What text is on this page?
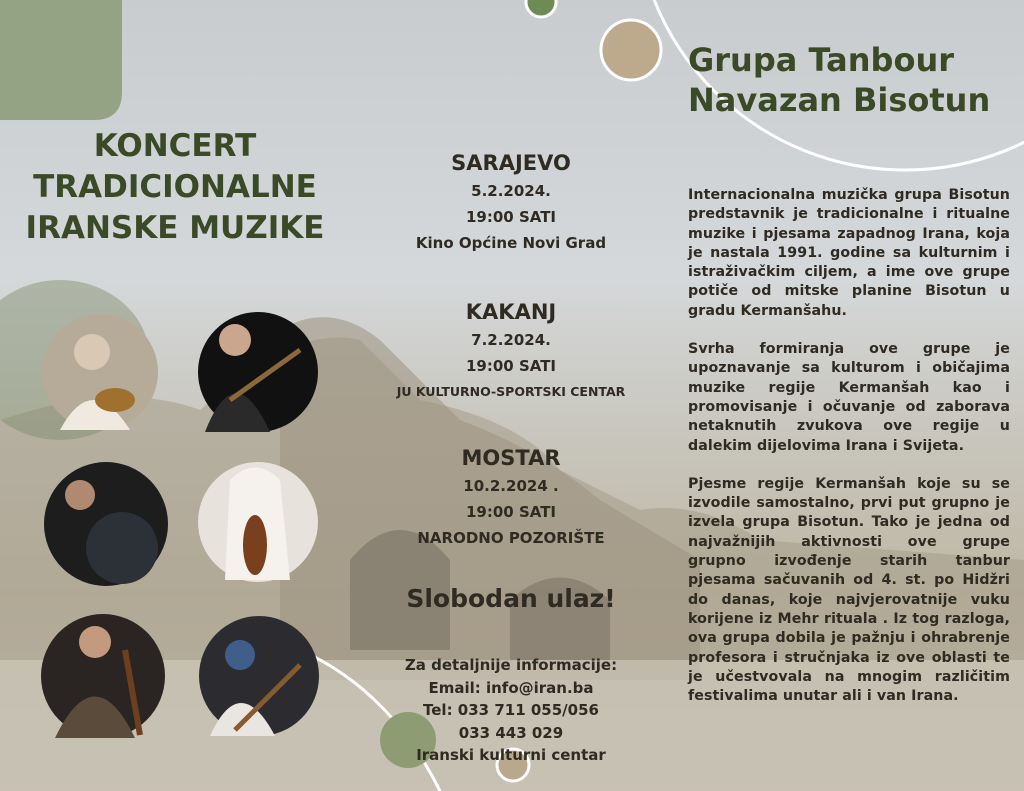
KONCERT
TRADICIONALNE
IRANSKE MUZIKE
Grupa Tanbour
Navazan Bisotun
SARAJEVO
5.2.2024.
19:00 SATI
Kino Općine Novi Grad
KAKANJ
7.2.2024.
19:00 SATI
JU KULTURNO-SPORTSKI CENTAR
MOSTAR
10.2.2024 .
19:00 SATI
NARODNO POZORIŠTE
Slobodan ulaz!
Za detaljnije informacije:
Email: info@iran.ba
Tel: 033 711 055/056
033 443 029
Iranski kulturni centar

Internacionalna muzička grupa Bisotun predstavnik je tradicionalne i ritualne muzike i pjesama zapadnog Irana, koja je nastala 1991. godine sa kulturnim i istraživačkim ciljem, a ime ove grupe potiče od mitske planine Bisotun u gradu Kermanšahu.

Svrha formiranja ove grupe je upoznavanje sa kulturom i običajima muzike regije Kermanšah kao i promovisanje i očuvanje od zaborava netaknutih zvukova ove regije u dalekim dijelovima Irana i Svijeta.

Pjesme regije Kermanšah koje su se izvodile samostalno, prvi put grupno je izvela grupa Bisotun. Tako je jedna od najvažnijih aktivnosti ove grupe grupno izvođenje starih tanbur pjesama sačuvanih od 4. st. po Hidžri do danas, koje najvjerovatnije vuku korijene iz Mehr rituala . Iz tog razloga, ova grupa dobila je pažnju i ohrabrenje profesora i stručnjaka iz ove oblasti te je učestvovala na mnogim različitim festivalima unutar ali i van Irana.
